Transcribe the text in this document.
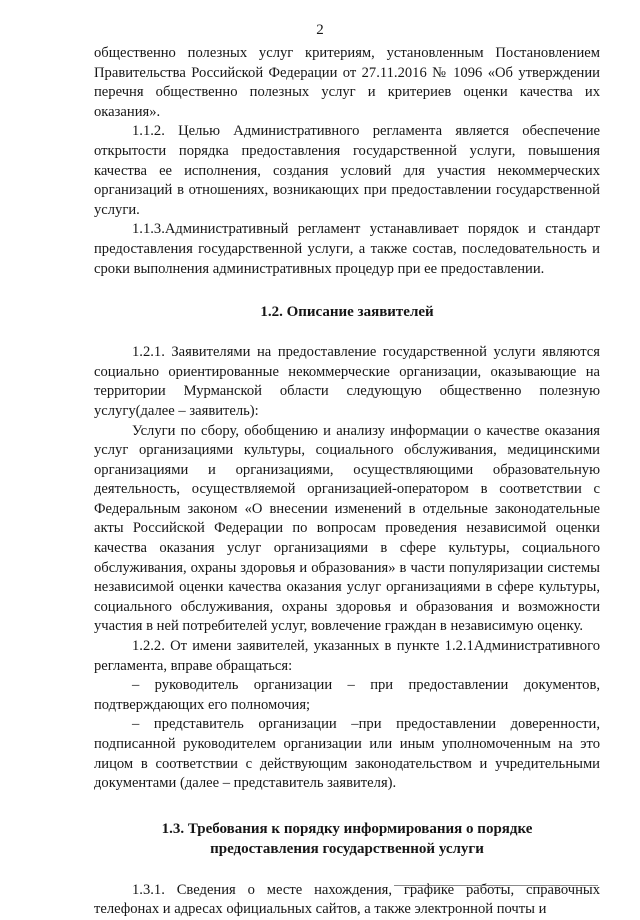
2

общественно полезных услуг критериям, установленным Постановлением Правительства Российской Федерации от 27.11.2016 № 1096 «Об утверждении перечня общественно полезных услуг и критериев оценки качества их оказания».

1.1.2. Целью Административного регламента является обеспечение открытости порядка предоставления государственной услуги, повышения качества ее исполнения, создания условий для участия некоммерческих организаций в отношениях, возникающих при предоставлении государственной услуги.

1.1.3.Административный регламент устанавливает порядок и стандарт предоставления государственной услуги, а также состав, последовательность и сроки выполнения административных процедур при ее предоставлении.

1.2. Описание заявителей

1.2.1. Заявителями на предоставление государственной услуги являются социально ориентированные некоммерческие организации, оказывающие на территории Мурманской области следующую общественно полезную услугу(далее – заявитель):

Услуги по сбору, обобщению и анализу информации о качестве оказания услуг организациями культуры, социального обслуживания, медицинскими организациями и организациями, осуществляющими образовательную деятельность, осуществляемой организацией-оператором в соответствии с Федеральным законом «О внесении изменений в отдельные законодательные акты Российской Федерации по вопросам проведения независимой оценки качества оказания услуг организациями в сфере культуры, социального обслуживания, охраны здоровья и образования» в части популяризации системы независимой оценки качества оказания услуг организациями в сфере культуры, социального обслуживания, охраны здоровья и образования и возможности участия в ней потребителей услуг, вовлечение граждан в независимую оценку.

1.2.2. От имени заявителей, указанных в пункте 1.2.1Административного регламента, вправе обращаться:

– руководитель организации – при предоставлении документов, подтверждающих его полномочия;

– представитель организации –при предоставлении доверенности, подписанной руководителем организации или иным уполномоченным на это лицом в соответствии с действующим законодательством и учредительными документами (далее – представитель заявителя).

1.3. Требования к порядку информирования о порядке
предоставления государственной услуги

1.3.1. Сведения о месте нахождения, графике работы, справочных телефонах и адресах официальных сайтов, а также электронной почты и
